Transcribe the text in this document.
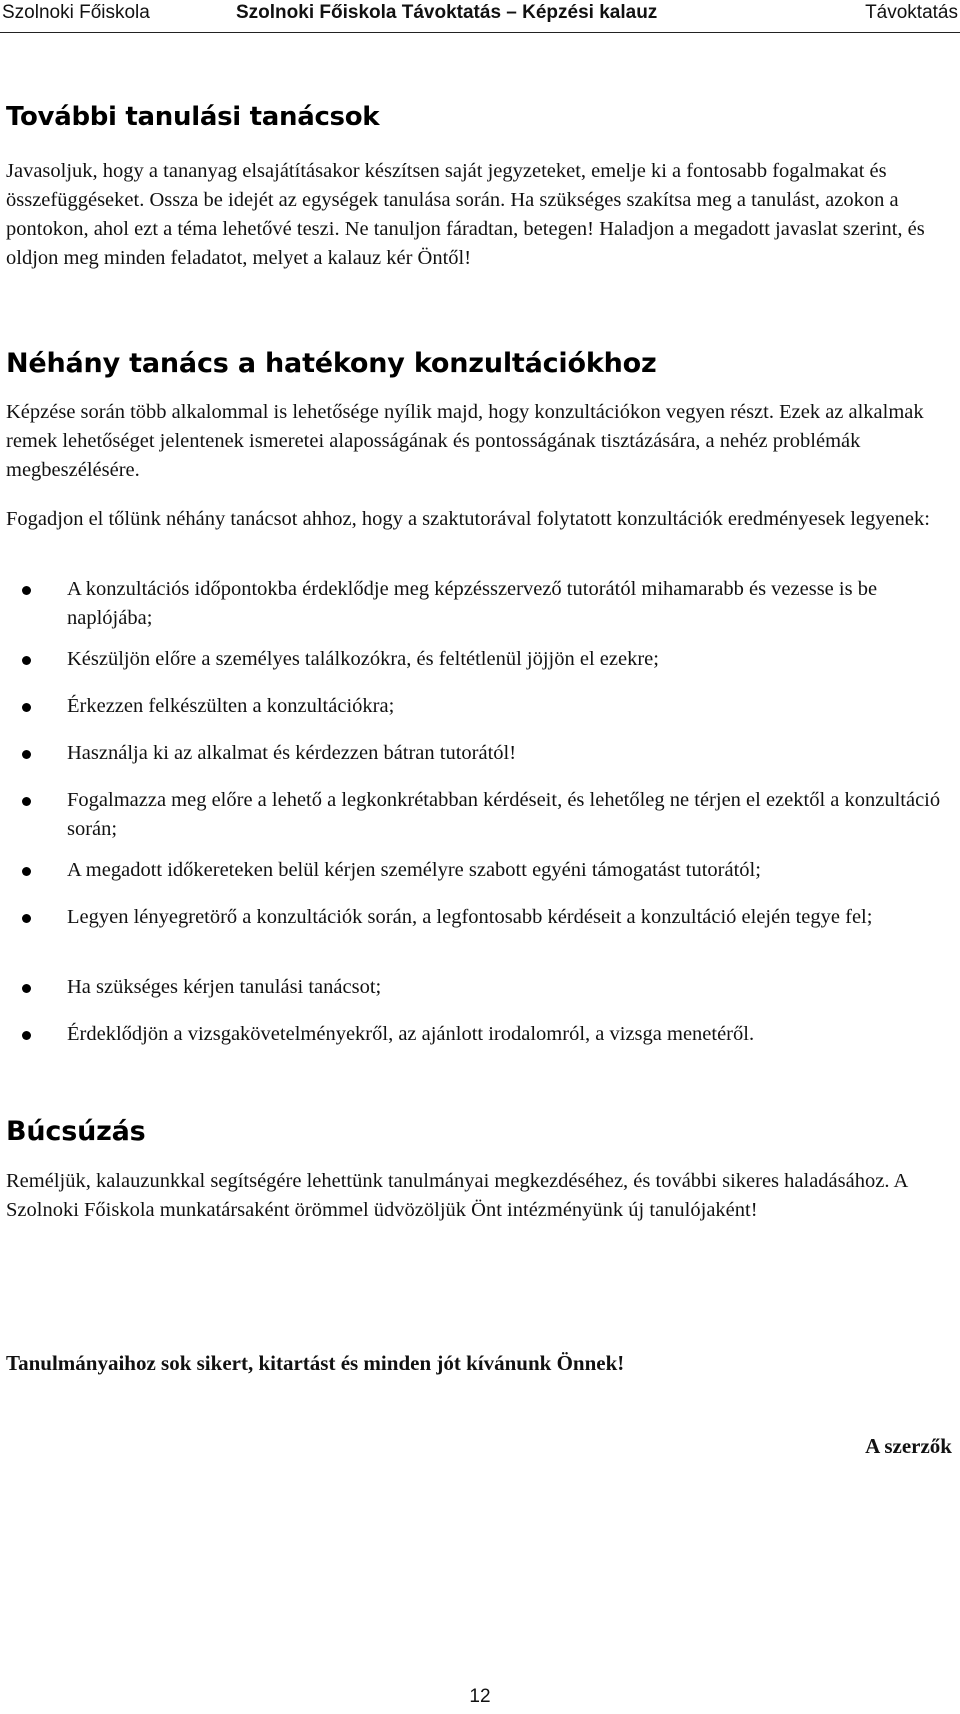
Szolnoki Főiskola	Szolnoki Főiskola Távoktatás – Képzési kalauz	Távoktatás
További tanulási tanácsok

Javasoljuk, hogy a tananyag elsajátításakor készítsen saját jegyzeteket, emelje ki a fontosabb fogalmakat és összefüggéseket. Ossza be idejét az egységek tanulása során. Ha szükséges szakítsa meg a tanulást, azokon a pontokon, ahol ezt a téma lehetővé teszi. Ne tanuljon fáradtan, betegen! Haladjon a megadott javaslat szerint, és oldjon meg minden feladatot, melyet a kalauz kér Öntől!

Néhány tanács a hatékony konzultációkhoz

Képzése során több alkalommal is lehetősége nyílik majd, hogy konzultációkon vegyen részt. Ezek az alkalmak remek lehetőséget jelentenek ismeretei alaposságának és pontosságának tisztázására, a nehéz problémák megbeszélésére.

Fogadjon el tőlünk néhány tanácsot ahhoz, hogy a szaktutorával folytatott konzultációk eredményesek legyenek:

A konzultációs időpontokba érdeklődje meg képzésszervező tutorától mihamarabb és vezesse is be naplójába;
Készüljön előre a személyes találkozókra, és feltétlenül jöjjön el ezekre;
Érkezzen felkészülten a konzultációkra;
Használja ki az alkalmat és kérdezzen bátran tutorától!
Fogalmazza meg előre a lehető a legkonkrétabban kérdéseit, és lehetőleg ne térjen el ezektől a konzultáció során;
A megadott időkereteken belül kérjen személyre szabott egyéni támogatást tutorától;
Legyen lényegretörő a konzultációk során, a legfontosabb kérdéseit a konzultáció elején tegye fel;
Ha szükséges kérjen tanulási tanácsot;
Érdeklődjön a vizsgakövetelményekről, az ajánlott irodalomról, a vizsga menetéről.
Búcsúzás

Reméljük, kalauzunkkal segítségére lehettünk tanulmányai megkezdéséhez, és további sikeres haladásához. A Szolnoki Főiskola munkatársaként örömmel üdvözöljük Önt intézményünk új tanulójaként!

Tanulmányaihoz sok sikert, kitartást és minden jót kívánunk Önnek!

A szerzők

12
